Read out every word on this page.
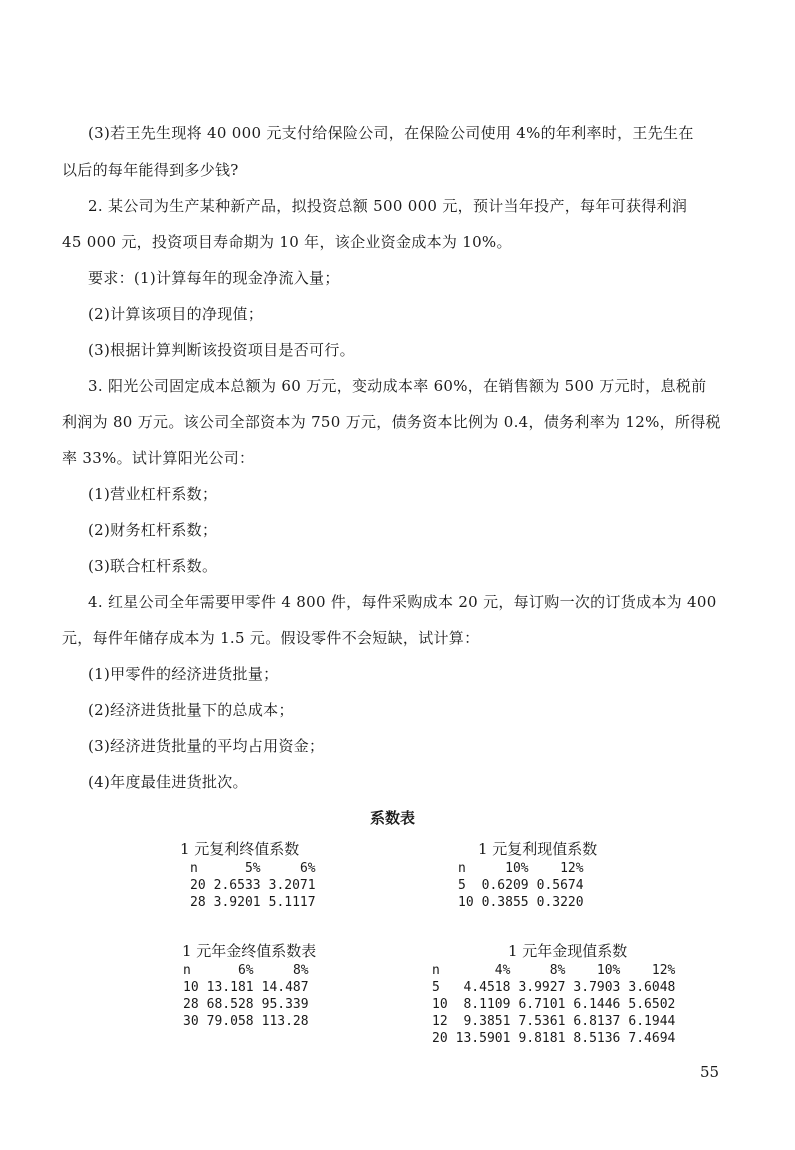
(3)若王先生现将 40 000 元支付给保险公司，在保险公司使用 4%的年利率时，王先生在
以后的每年能得到多少钱?
2. 某公司为生产某种新产品，拟投资总额 500 000 元，预计当年投产，每年可获得利润
45 000 元，投资项目寿命期为 10 年，该企业资金成本为 10%。
要求：(1)计算每年的现金净流入量；
(2)计算该项目的净现值；
(3)根据计算判断该投资项目是否可行。
3. 阳光公司固定成本总额为 60 万元，变动成本率 60%，在销售额为 500 万元时，息税前
利润为 80 万元。该公司全部资本为 750 万元，债务资本比例为 0.4，债务利率为 12%，所得税
率 33%。试计算阳光公司：
(1)营业杠杆系数；
(2)财务杠杆系数；
(3)联合杠杆系数。
4. 红星公司全年需要甲零件 4 800 件，每件采购成本 20 元，每订购一次的订货成本为 400
元，每件年储存成本为 1.5 元。假设零件不会短缺，试计算：
(1)甲零件的经济进货批量；
(2)经济进货批量下的总成本；
(3)经济进货批量的平均占用资金；
(4)年度最佳进货批次。
系数表
1 元复利终值系数
n	5%	6%
20	2.6533	3.2071
28	3.9201	5.1117
1 元复利现值系数
n	10%	12%
5	0.6209	0.5674
10	0.3855	0.3220
1 元年金终值系数表
n	6%	8%
10	13.181	14.487
28	68.528	95.339
30	79.058	113.28
1 元年金现值系数
n	4%	8%	10%	12%
5	4.4518	3.9927	3.7903	3.6048
10	8.1109	6.7101	6.1446	5.6502
12	9.3851	7.5361	6.8137	6.1944
20	13.5901	9.8181	8.5136	7.4694
55
